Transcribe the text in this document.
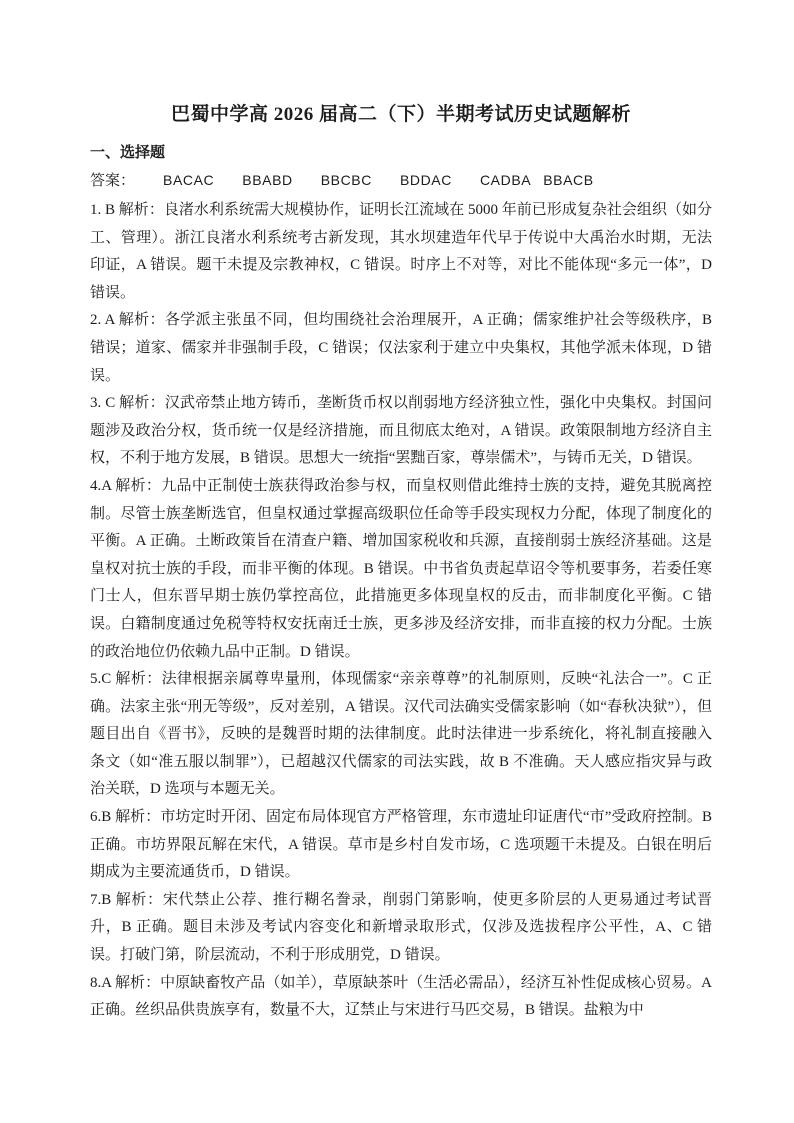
巴蜀中学高 2026 届高二（下）半期考试历史试题解析
一、选择题
答案： BACAC BBABD BBCBC BDDAC CADBA BBACB

1. B 解析：良渚水利系统需大规模协作，证明长江流域在 5000 年前已形成复杂社会组织（如分工、管理）。浙江良渚水利系统考古新发现，其水坝建造年代早于传说中大禹治水时期，无法印证，A 错误。题干未提及宗教神权，C 错误。时序上不对等，对比不能体现“多元一体”，D 错误。

2. A 解析：各学派主张虽不同，但均围绕社会治理展开，A 正确；儒家维护社会等级秩序，B 错误；道家、儒家并非强制手段，C 错误；仅法家利于建立中央集权，其他学派未体现，D 错误。

3. C 解析：汉武帝禁止地方铸币，垄断货币权以削弱地方经济独立性，强化中央集权。封国问题涉及政治分权，货币统一仅是经济措施，而且彻底太绝对，A 错误。政策限制地方经济自主权，不利于地方发展，B 错误。思想大一统指“罢黜百家，尊崇儒术”，与铸币无关，D 错误。

4.A 解析：九品中正制使士族获得政治参与权，而皇权则借此维持士族的支持，避免其脱离控制。尽管士族垄断选官，但皇权通过掌握高级职位任命等手段实现权力分配，体现了制度化的平衡。A 正确。土断政策旨在清查户籍、增加国家税收和兵源，直接削弱士族经济基础。这是皇权对抗士族的手段，而非平衡的体现。B 错误。中书省负责起草诏令等机要事务，若委任寒门士人，但东晋早期士族仍掌控高位，此措施更多体现皇权的反击，而非制度化平衡。C 错误。白籍制度通过免税等特权安抚南迁士族，更多涉及经济安排，而非直接的权力分配。士族的政治地位仍依赖九品中正制。D 错误。

5.C 解析：法律根据亲属尊卑量刑，体现儒家“亲亲尊尊”的礼制原则，反映“礼法合一”。C 正确。法家主张“刑无等级”，反对差别，A 错误。汉代司法确实受儒家影响（如“春秋决狱”），但题目出自《晋书》，反映的是魏晋时期的法律制度。此时法律进一步系统化，将礼制直接融入条文（如“准五服以制罪”），已超越汉代儒家的司法实践，故 B 不准确。天人感应指灾异与政治关联，D 选项与本题无关。

6.B 解析：市坊定时开闭、固定布局体现官方严格管理，东市遗址印证唐代“市”受政府控制。B 正确。市坊界限瓦解在宋代，A 错误。草市是乡村自发市场，C 选项题干未提及。白银在明后期成为主要流通货币，D 错误。

7.B 解析：宋代禁止公荐、推行糊名誊录，削弱门第影响，使更多阶层的人更易通过考试晋升，B 正确。题目未涉及考试内容变化和新增录取形式，仅涉及选拔程序公平性，A、C 错误。打破门第，阶层流动，不利于形成朋党，D 错误。

8.A 解析：中原缺畜牧产品（如羊），草原缺茶叶（生活必需品），经济互补性促成核心贸易。A 正确。丝织品供贵族享有，数量不大，辽禁止与宋进行马匹交易，B 错误。盐粮为中
